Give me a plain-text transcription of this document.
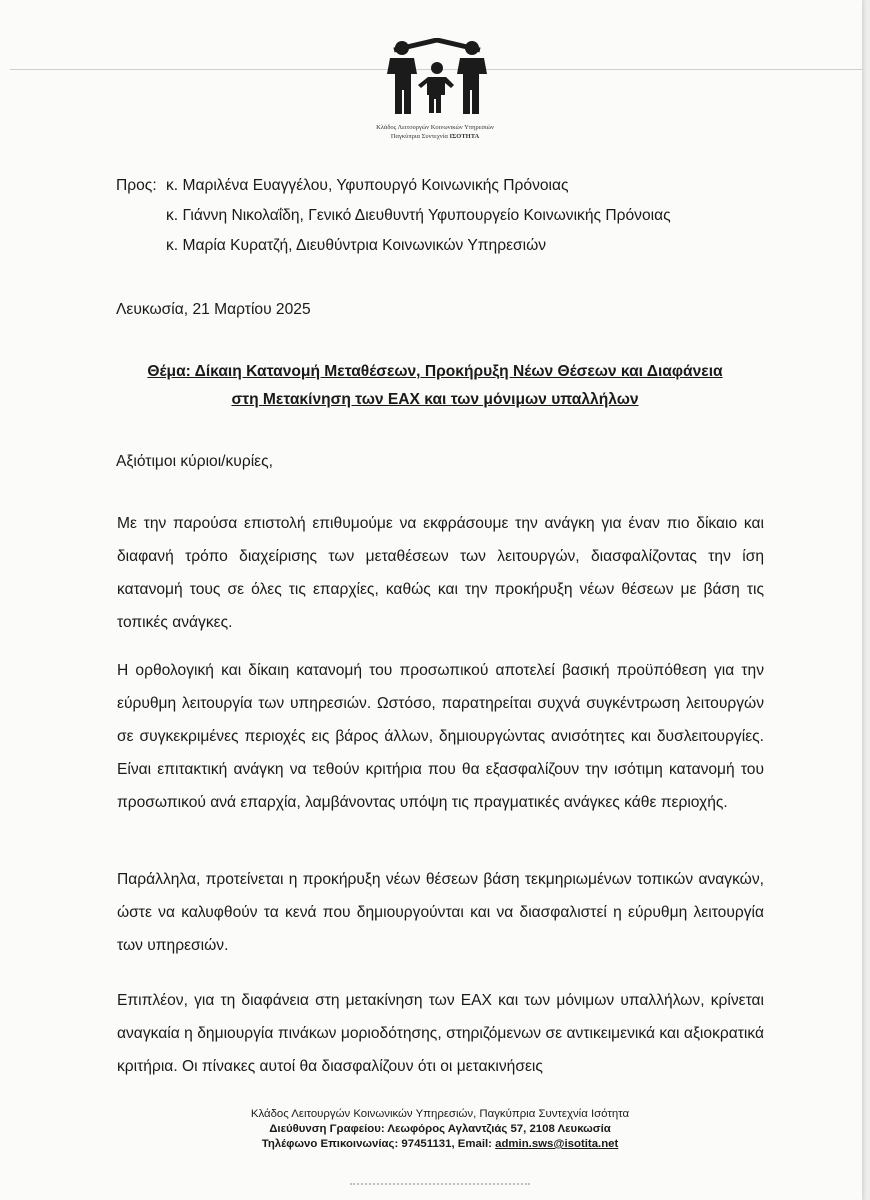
Κλάδος Λειτουργών Κοινωνικών Υπηρεσιών
Παγκύπρια Συντεχνία ΙΣΟΤΗΤΑ
Προς: κ. Μαριλένα Ευαγγέλου, Υφυπουργό Κοινωνικής Πρόνοιας
κ. Γιάννη Νικολαΐδη, Γενικό Διευθυντή Υφυπουργείο Κοινωνικής Πρόνοιας
κ. Μαρία Κυρατζή, Διευθύντρια Κοινωνικών Υπηρεσιών
Λευκωσία, 21 Μαρτίου 2025
Θέμα: Δίκαιη Κατανομή Μεταθέσεων, Προκήρυξη Νέων Θέσεων και Διαφάνεια
στη Μετακίνηση των ΕΑΧ και των μόνιμων υπαλλήλων
Αξιότιμοι κύριοι/κυρίες,
Με την παρούσα επιστολή επιθυμούμε να εκφράσουμε την ανάγκη για έναν πιο δίκαιο και διαφανή τρόπο διαχείρισης των μεταθέσεων των λειτουργών, διασφαλίζοντας την ίση κατανομή τους σε όλες τις επαρχίες, καθώς και την προκήρυξη νέων θέσεων με βάση τις τοπικές ανάγκες.
Η ορθολογική και δίκαιη κατανομή του προσωπικού αποτελεί βασική προϋπόθεση για την εύρυθμη λειτουργία των υπηρεσιών. Ωστόσο, παρατηρείται συχνά συγκέντρωση λειτουργών σε συγκεκριμένες περιοχές εις βάρος άλλων, δημιουργώντας ανισότητες και δυσλειτουργίες. Είναι επιτακτική ανάγκη να τεθούν κριτήρια που θα εξασφαλίζουν την ισότιμη κατανομή του προσωπικού ανά επαρχία, λαμβάνοντας υπόψη τις πραγματικές ανάγκες κάθε περιοχής.
Παράλληλα, προτείνεται η προκήρυξη νέων θέσεων βάση τεκμηριωμένων τοπικών αναγκών, ώστε να καλυφθούν τα κενά που δημιουργούνται και να διασφαλιστεί η εύρυθμη λειτουργία των υπηρεσιών.
Επιπλέον, για τη διαφάνεια στη μετακίνηση των ΕΑΧ και των μόνιμων υπαλλήλων, κρίνεται αναγκαία η δημιουργία πινάκων μοριοδότησης, στηριζόμενων σε αντικειμενικά και αξιοκρατικά κριτήρια. Οι πίνακες αυτοί θα διασφαλίζουν ότι οι μετακινήσεις
Κλάδος Λειτουργών Κοινωνικών Υπηρεσιών, Παγκύπρια Συντεχνία Ισότητα
Διεύθυνση Γραφείου: Λεωφόρος Αγλαντζιάς 57, 2108 Λευκωσία
Τηλέφωνο Επικοινωνίας: 97451131, Email: admin.sws@isotita.net
